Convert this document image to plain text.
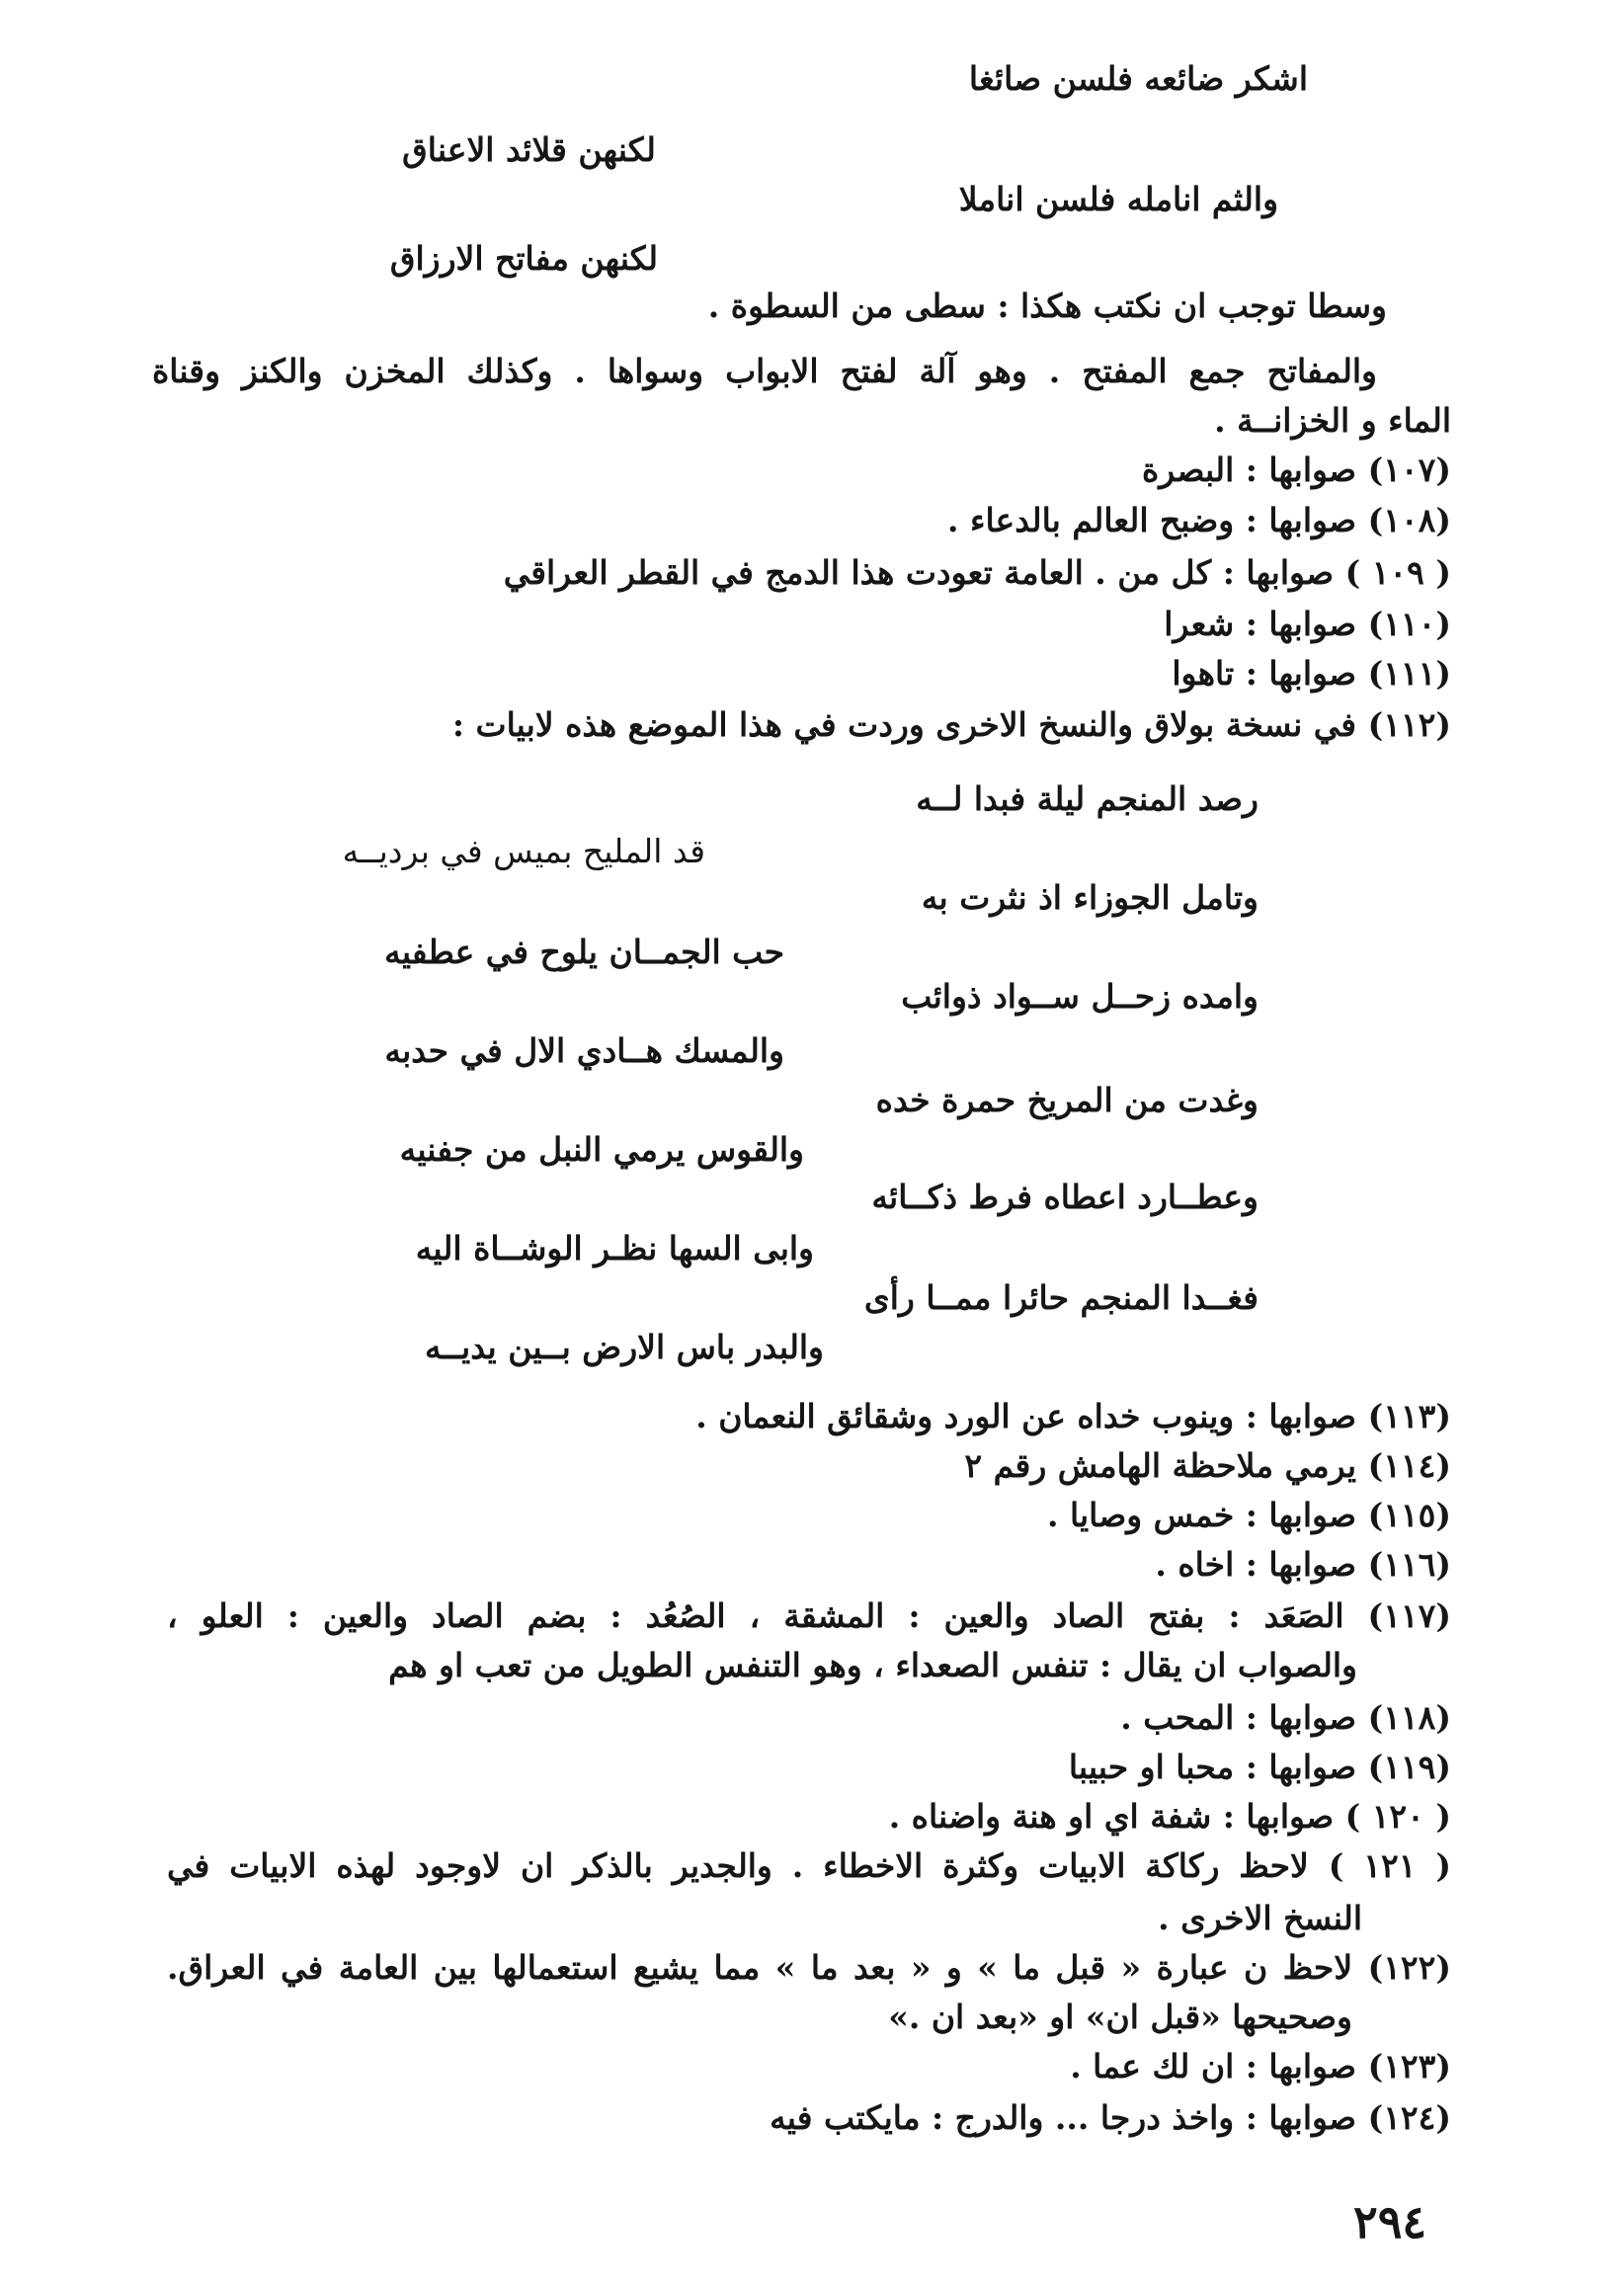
اشكر ضائعه فلسن صائغا
لكنهن قلائد الاعناق
والثم انامله فلسن اناملا
لكنهن مفاتح الارزاق
وسطا توجب ان نكتب هكذا : سطى من السطوة .
والمفاتح جمع المفتح . وهو آلة لفتح الابواب وسواها . وكذلك المخزن والكنز وقناة
الماء و الخزانــة .
(١٠٧) صوابها : البصرة
(١٠٨) صوابها : وضبح العالم بالدعاء .
( ١٠٩ ) صوابها : كل من . العامة تعودت هذا الدمج في القطر العراقي
(١١٠) صوابها : شعرا
(١١١) صوابها : تاهوا
(١١٢) في نسخة بولاق والنسخ الاخرى وردت في هذا الموضع هذه لابيات :
رصد المنجم ليلة فبدا لــه
قد المليح بميس في برديــه
وتامل الجوزاء اذ نثرت به
حب الجمــان يلوح في عطفيه
وامده زحــل ســواد ذوائب
والمسك هــادي الال في حدبه
وغدت من المريخ حمرة خده
والقوس يرمي النبل من جفنيه
وعطــارد اعطاه فرط ذكــائه
وابى السها نظـر الوشــاة اليه
فغــدا المنجم حائرا ممــا رأى
والبدر باس الارض بــين يديــه
(١١٣) صوابها : وينوب خداه عن الورد وشقائق النعمان .
(١١٤) يرمي ملاحظة الهامش رقم ٢
(١١٥) صوابها : خمس وصايا .
(١١٦) صوابها : اخاه .
(١١٧) الصَعَد : بفتح الصاد والعين : المشقة ، الصُعُد : بضم الصاد والعين : العلو ،
والصواب ان يقال : تنفس الصعداء ، وهو التنفس الطويل من تعب او هم
(١١٨) صوابها : المحب .
(١١٩) صوابها : محبا او حبيبا
( ١٢٠ ) صوابها : شفة اي او هنة واضناه .
( ١٢١ ) لاحظ ركاكة الابيات وكثرة الاخطاء . والجدير بالذكر ان لاوجود لهذه الابيات في
النسخ الاخرى .
(١٢٢) لاحظ ن عبارة « قبل ما » و « بعد ما » مما يشيع استعمالها بين العامة في العراق.
وصحيحها «قبل ان» او «بعد ان .»
(١٢٣) صوابها : ان لك عما .
(١٢٤) صوابها : واخذ درجا ... والدرج : مايكتب فيه
٢٩٤
